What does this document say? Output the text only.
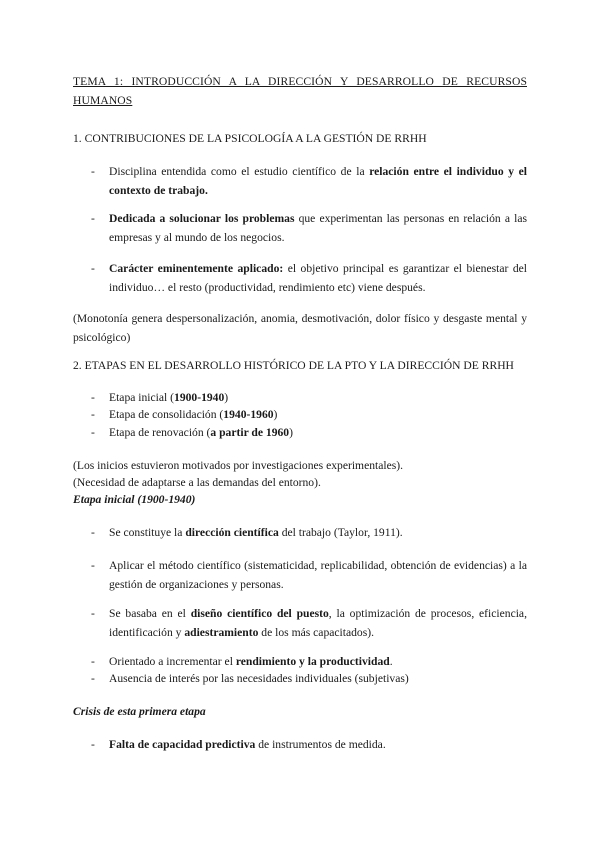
TEMA 1: INTRODUCCIÓN A LA DIRECCIÓN Y DESARROLLO DE RECURSOS HUMANOS

1. CONTRIBUCIONES DE LA PSICOLOGÍA A LA GESTIÓN DE RRHH

-	Disciplina entendida como el estudio científico de la relación entre el individuo y el contexto de trabajo.

-	Dedicada a solucionar los problemas que experimentan las personas en relación a las empresas y al mundo de los negocios.

-	Carácter eminentemente aplicado: el objetivo principal es garantizar el bienestar del individuo… el resto (productividad, rendimiento etc) viene después.

(Monotonía genera despersonalización, anomia, desmotivación, dolor físico y desgaste mental y psicológico)

2. ETAPAS EN EL DESARROLLO HISTÓRICO DE LA PTO Y LA DIRECCIÓN DE RRHH

-	Etapa inicial (1900-1940)

-	Etapa de consolidación (1940-1960)

-	Etapa de renovación (a partir de 1960)

(Los inicios estuvieron motivados por investigaciones experimentales).

(Necesidad de adaptarse a las demandas del entorno).

Etapa inicial (1900-1940)

-	Se constituye la dirección científica del trabajo (Taylor, 1911).

-	Aplicar el método científico (sistematicidad, replicabilidad, obtención de evidencias) a la gestión de organizaciones y personas.

-	Se basaba en el diseño científico del puesto, la optimización de procesos, eficiencia, identificación y adiestramiento de los más capacitados).

-	Orientado a incrementar el rendimiento y la productividad.

-	Ausencia de interés por las necesidades individuales (subjetivas)

Crisis de esta primera etapa

-	Falta de capacidad predictiva de instrumentos de medida.
